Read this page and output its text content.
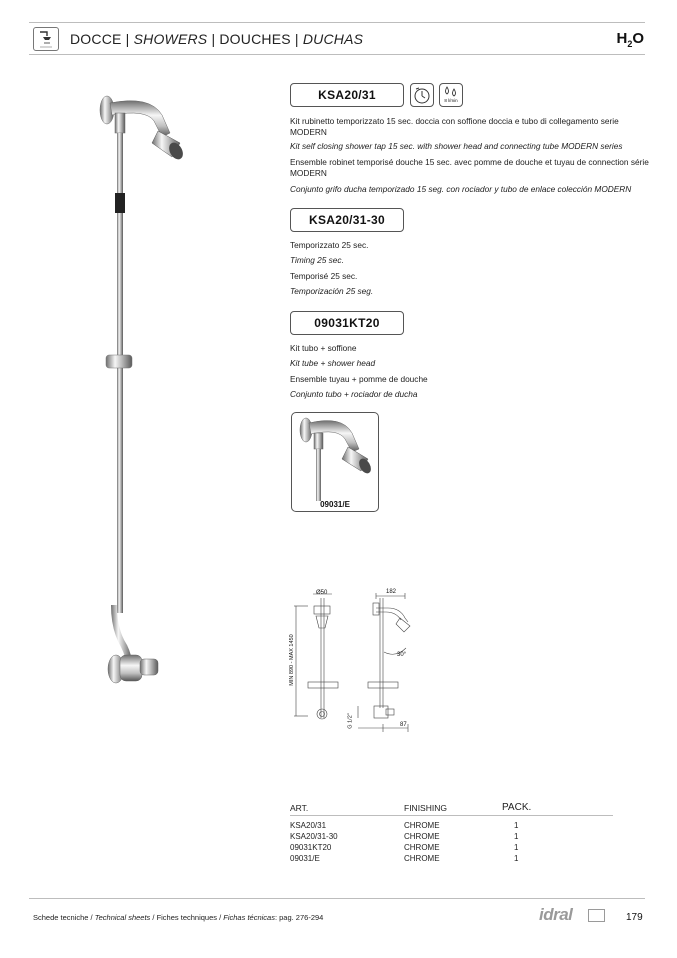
DOCCE | SHOWERS | DOUCHES | DUCHAS	$H_2O$
KSA20/31	8 l/min
Kit rubinetto temporizzato 15 sec. doccia con soffione doccia e tubo di collegamento serie MODERN
Kit self closing shower tap 15 sec. with shower head and connecting tube MODERN series
Ensemble robinet temporisé douche 15 sec. avec pomme de douche et tuyau de connection série MODERN
Conjunto grifo ducha temporizado 15 seg. con rociador y tubo de enlace colección MODERN
KSA20/31-30
Temporizzato 25 sec.
Timing 25 sec.
Temporisé 25 sec.
Temporización 25 seg.
09031KT20
Kit tubo + soffione
Kit tube + shower head
Ensemble tuyau + pomme de douche
Conjunto tubo + rociador de ducha
09031/E
Ø50	182
MIN 890 - MAX 1450	30°
G 1/2"	87
ART.	FINISHING	PACK.
KSA20/31	CHROME	1
KSA20/31-30	CHROME	1
09031KT20	CHROME	1
09031/E	CHROME	1
Schede tecniche / Technical sheets / Fiches techniques / Fichas técnicas: pag. 276-294	idral	179
